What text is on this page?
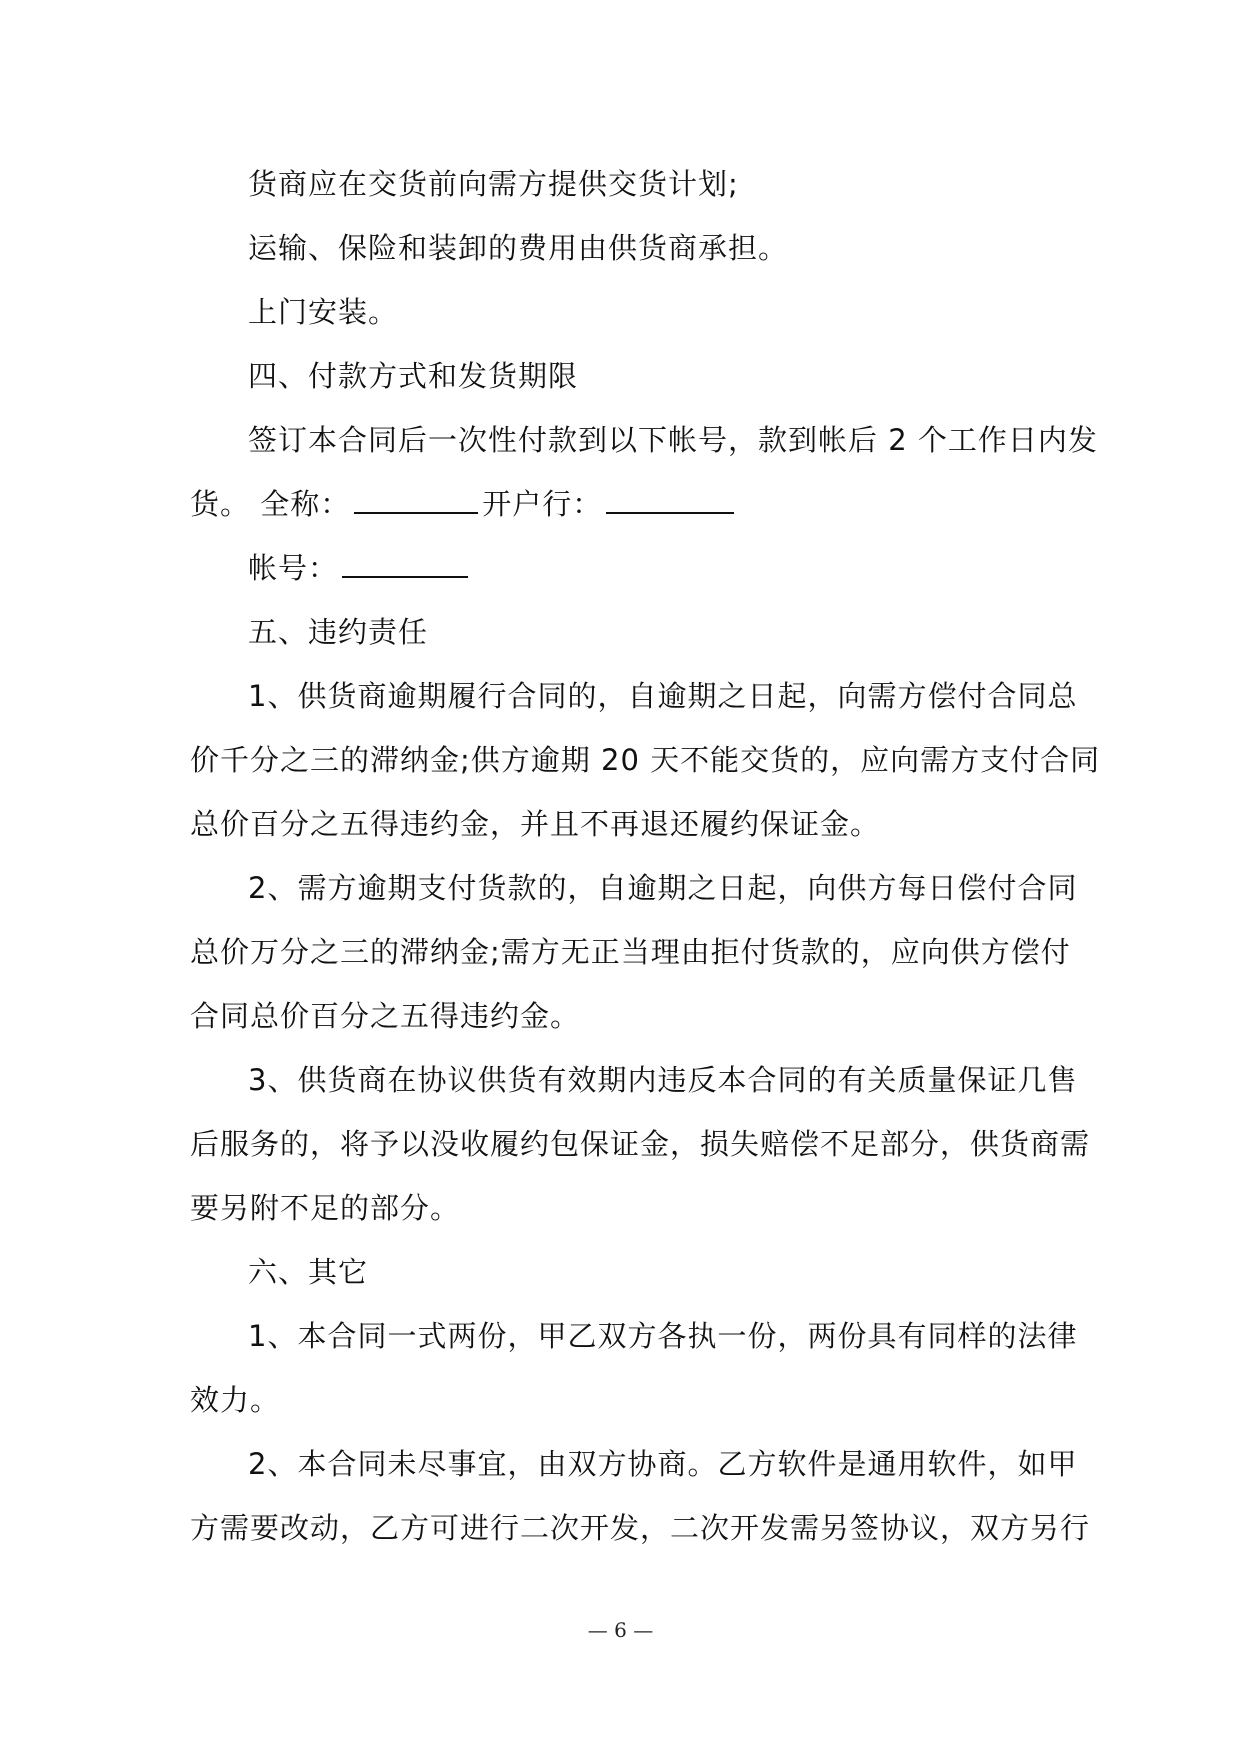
货商应在交货前向需方提供交货计划;

运输、保险和装卸的费用由供货商承担。

上门安装。

四、付款方式和发货期限

签订本合同后一次性付款到以下帐号，款到帐后 2 个工作日内发

货。 全称：	开户行：

帐号：

五、违约责任

1、供货商逾期履行合同的，自逾期之日起，向需方偿付合同总

价千分之三的滞纳金;供方逾期 20 天不能交货的，应向需方支付合同

总价百分之五得违约金，并且不再退还履约保证金。

2、需方逾期支付货款的，自逾期之日起，向供方每日偿付合同

总价万分之三的滞纳金;需方无正当理由拒付货款的，应向供方偿付

合同总价百分之五得违约金。

3、供货商在协议供货有效期内违反本合同的有关质量保证几售

后服务的，将予以没收履约包保证金，损失赔偿不足部分，供货商需

要另附不足的部分。

六、其它

1、本合同一式两份，甲乙双方各执一份，两份具有同样的法律

效力。

2、本合同未尽事宜，由双方协商。乙方软件是通用软件，如甲

方需要改动，乙方可进行二次开发，二次开发需另签协议，双方另行

— 6 —
